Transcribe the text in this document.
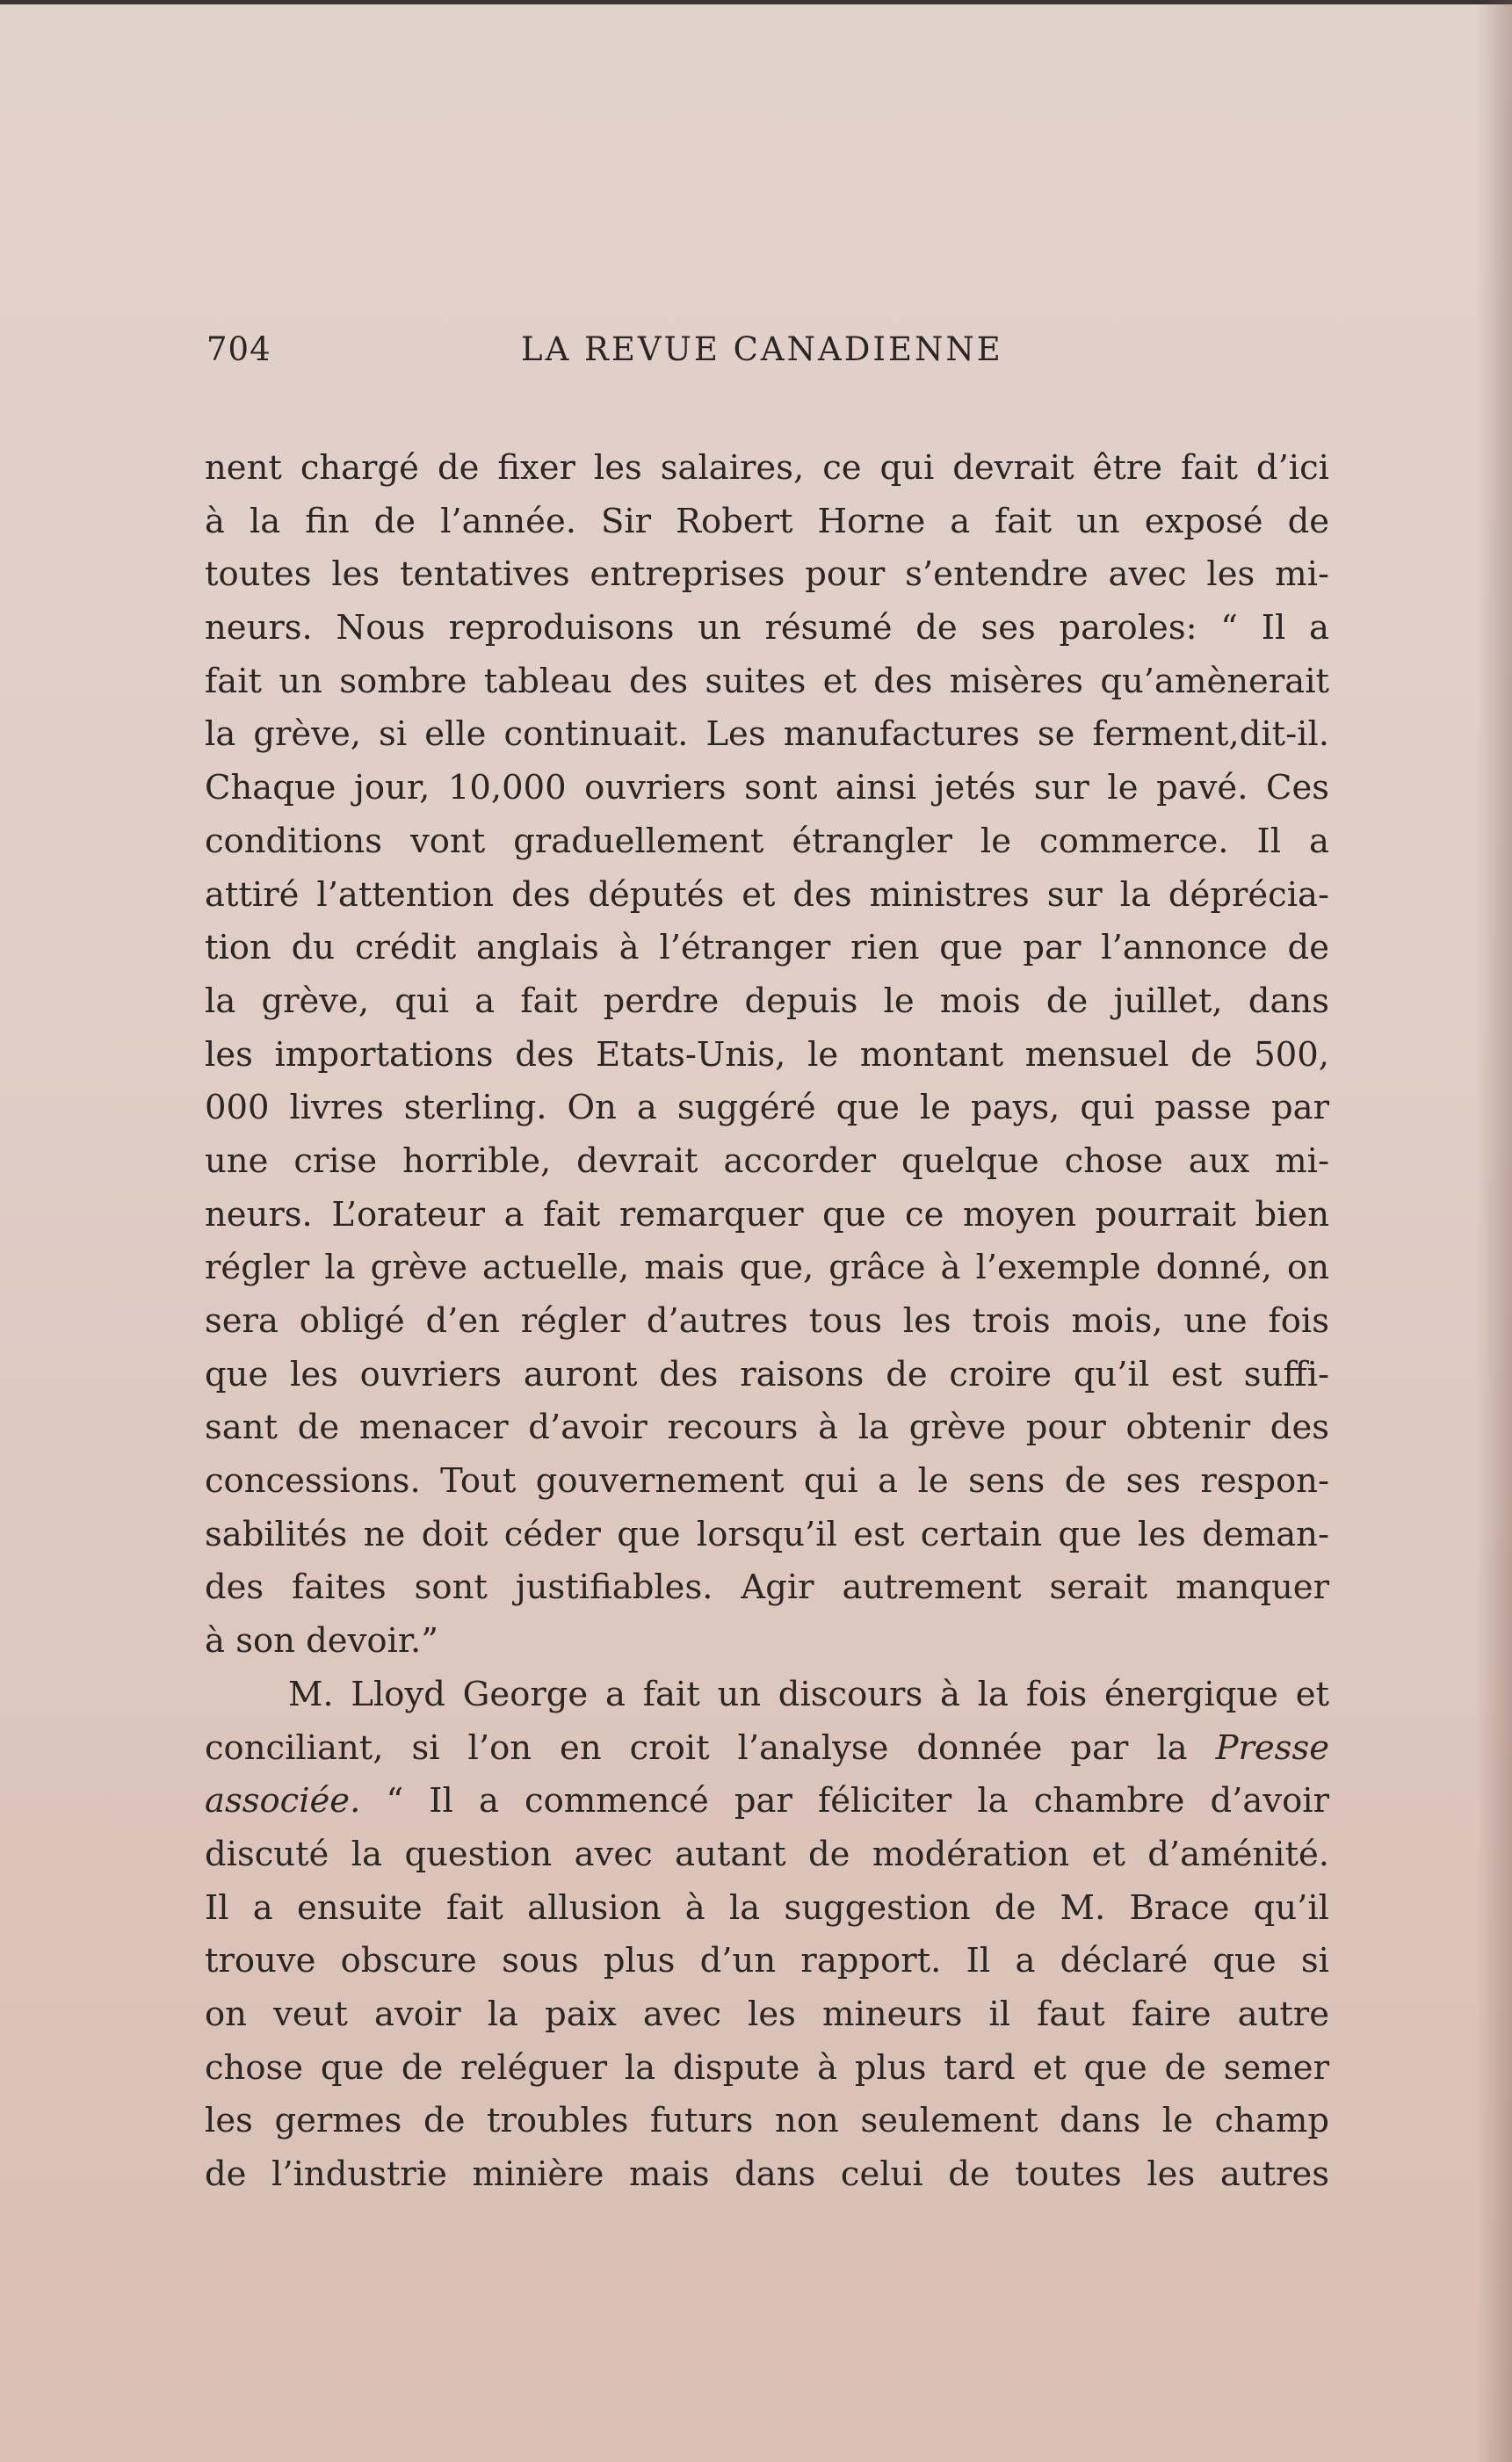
704	LA REVUE CANADIENNE
nent chargé de fixer les salaires, ce qui devrait être fait d’ici
à la fin de l’année. Sir Robert Horne a fait un exposé de
toutes les tentatives entreprises pour s’entendre avec les mi-
neurs. Nous reproduisons un résumé de ses paroles: “ Il a
fait un sombre tableau des suites et des misères qu’amènerait
la grève, si elle continuait. Les manufactures se ferment,dit-il.
Chaque jour, 10,000 ouvriers sont ainsi jetés sur le pavé. Ces
conditions vont graduellement étrangler le commerce. Il a
attiré l’attention des députés et des ministres sur la déprécia-
tion du crédit anglais à l’étranger rien que par l’annonce de
la grève, qui a fait perdre depuis le mois de juillet, dans
les importations des Etats-Unis, le montant mensuel de 500,
000 livres sterling. On a suggéré que le pays, qui passe par
une crise horrible, devrait accorder quelque chose aux mi-
neurs. L’orateur a fait remarquer que ce moyen pourrait bien
régler la grève actuelle, mais que, grâce à l’exemple donné, on
sera obligé d’en régler d’autres tous les trois mois, une fois
que les ouvriers auront des raisons de croire qu’il est suffi-
sant de menacer d’avoir recours à la grève pour obtenir des
concessions. Tout gouvernement qui a le sens de ses respon-
sabilités ne doit céder que lorsqu’il est certain que les deman-
des faites sont justifiables. Agir autrement serait manquer
à son devoir.”
M. Lloyd George a fait un discours à la fois énergique et
conciliant, si l’on en croit l’analyse donnée par la Presse
associée. “ Il a commencé par féliciter la chambre d’avoir
discuté la question avec autant de modération et d’aménité.
Il a ensuite fait allusion à la suggestion de M. Brace qu’il
trouve obscure sous plus d’un rapport. Il a déclaré que si
on veut avoir la paix avec les mineurs il faut faire autre
chose que de reléguer la dispute à plus tard et que de semer
les germes de troubles futurs non seulement dans le champ
de l’industrie minière mais dans celui de toutes les autres
